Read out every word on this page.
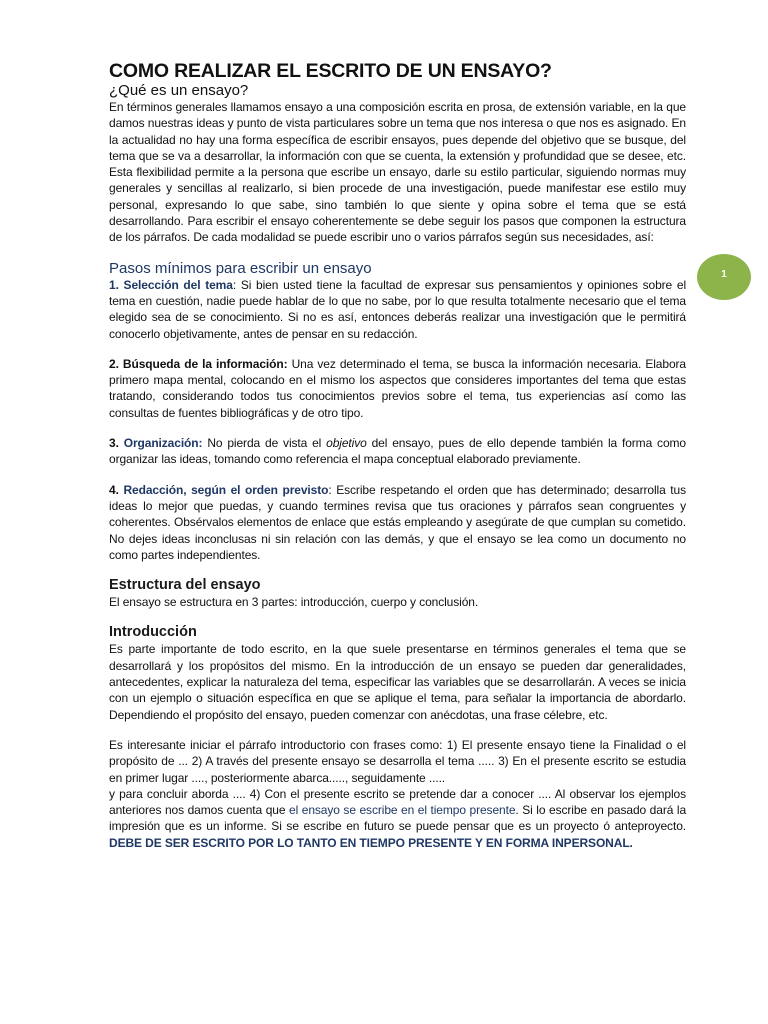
COMO REALIZAR EL ESCRITO DE UN ENSAYO?
¿Qué es un ensayo?

En términos generales llamamos ensayo a una composición escrita en prosa, de extensión variable, en la que damos nuestras ideas y punto de vista particulares sobre un tema que nos interesa o que nos es asignado. En la actualidad no hay una forma específica de escribir ensayos, pues depende del objetivo que se busque, del tema que se va a desarrollar, la información con que se cuenta, la extensión y profundidad que se desee, etc. Esta flexibilidad permite a la persona que escribe un ensayo, darle su estilo particular, siguiendo normas muy generales y sencillas al realizarlo, si bien procede de una investigación, puede manifestar ese estilo muy personal, expresando lo que sabe, sino también lo que siente y opina sobre el tema que se está desarrollando. Para escribir el ensayo coherentemente se debe seguir los pasos que componen la estructura de los párrafos. De cada modalidad se puede escribir uno o varios párrafos según sus necesidades, así:

Pasos mínimos para escribir un ensayo

1. Selección del tema: Si bien usted tiene la facultad de expresar sus pensamientos y opiniones sobre el tema en cuestión, nadie puede hablar de lo que no sabe, por lo que resulta totalmente necesario que el tema elegido sea de se conocimiento. Si no es así, entonces deberás realizar una investigación que le permitirá conocerlo objetivamente, antes de pensar en su redacción.

2. Búsqueda de la información: Una vez determinado el tema, se busca la información necesaria. Elabora primero mapa mental, colocando en el mismo los aspectos que consideres importantes del tema que estas tratando, considerando todos tus conocimientos previos sobre el tema, tus experiencias así como las consultas de fuentes bibliográficas y de otro tipo.

3. Organización: No pierda de vista el objetivo del ensayo, pues de ello depende también la forma como organizar las ideas, tomando como referencia el mapa conceptual elaborado previamente.

4. Redacción, según el orden previsto: Escribe respetando el orden que has determinado; desarrolla tus ideas lo mejor que puedas, y cuando termines revisa que tus oraciones y párrafos sean congruentes y coherentes. Obsérvalos elementos de enlace que estás empleando y asegúrate de que cumplan su cometido. No dejes ideas inconclusas ni sin relación con las demás, y que el ensayo se lea como un documento no como partes independientes.

Estructura del ensayo

El ensayo se estructura en 3 partes: introducción, cuerpo y conclusión.

Introducción

Es parte importante de todo escrito, en la que suele presentarse en términos generales el tema que se desarrollará y los propósitos del mismo. En la introducción de un ensayo se pueden dar generalidades, antecedentes, explicar la naturaleza del tema, especificar las variables que se desarrollarán. A veces se inicia con un ejemplo o situación específica en que se aplique el tema, para señalar la importancia de abordarlo. Dependiendo el propósito del ensayo, pueden comenzar con anécdotas, una frase célebre, etc.

Es interesante iniciar el párrafo introductorio con frases como: 1) El presente ensayo tiene la Finalidad o el propósito de ... 2) A través del presente ensayo se desarrolla el tema ..... 3) En el presente escrito se estudia en primer lugar ...., posteriormente abarca....., seguidamente .....

y para concluir aborda .... 4) Con el presente escrito se pretende dar a conocer .... Al observar los ejemplos anteriores nos damos cuenta que el ensayo se escribe en el tiempo presente. Si lo escribe en pasado dará la impresión que es un informe. Si se escribe en futuro se puede pensar que es un proyecto ó anteproyecto. DEBE DE SER ESCRITO POR LO TANTO EN TIEMPO PRESENTE Y EN FORMA INPERSONAL.

1
